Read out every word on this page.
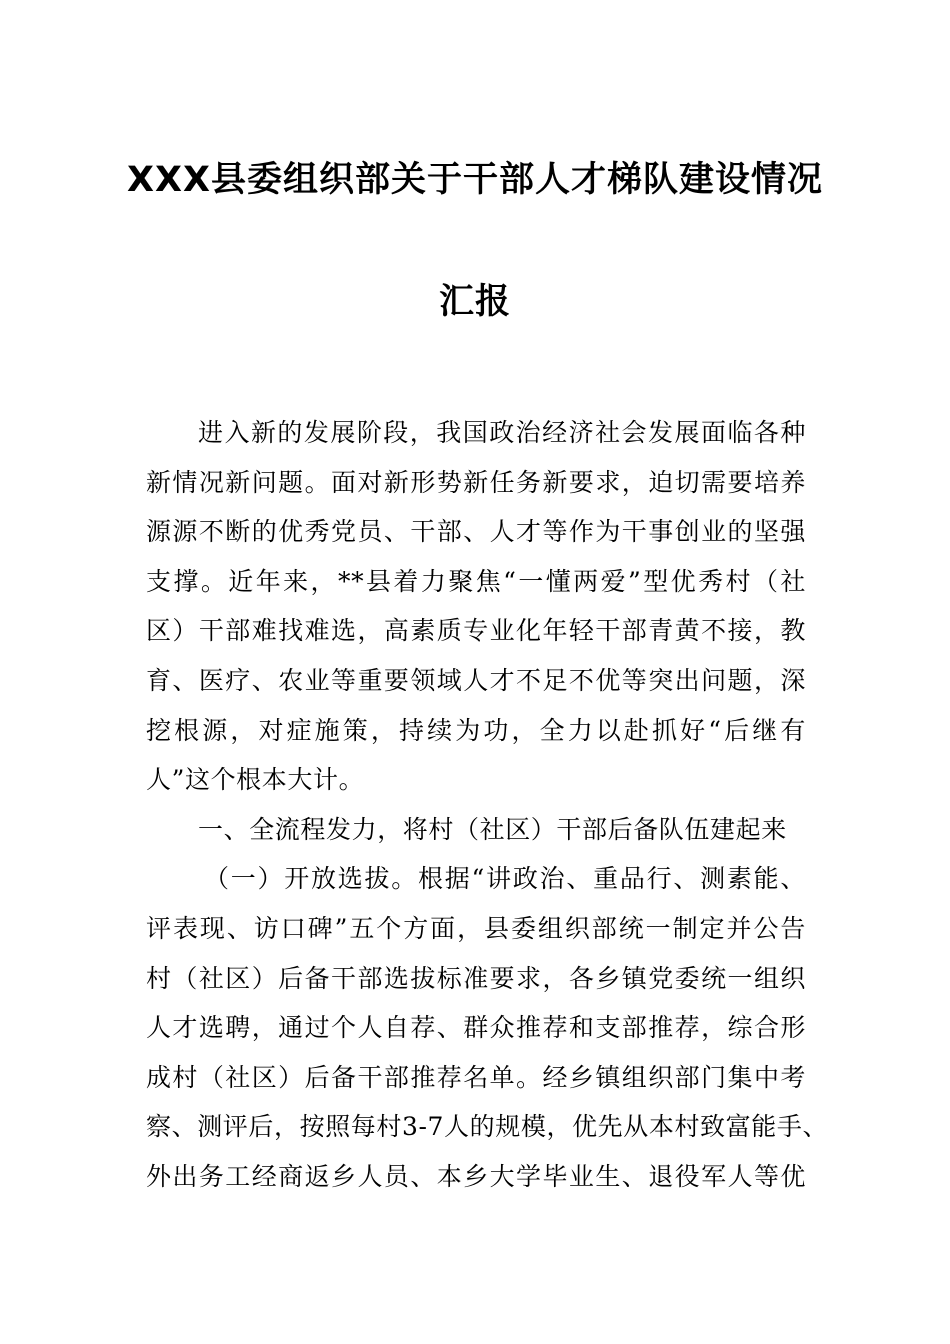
XXX县委组织部关于干部人才梯队建设情况
汇报
进入新的发展阶段，我国政治经济社会发展面临各种
新情况新问题。面对新形势新任务新要求，迫切需要培养
源源不断的优秀党员、干部、人才等作为干事创业的坚强
支撑。近年来，**县着力聚焦“一懂两爱”型优秀村（社
区）干部难找难选，高素质专业化年轻干部青黄不接，教
育、医疗、农业等重要领域人才不足不优等突出问题，深
挖根源，对症施策，持续为功，全力以赴抓好“后继有
人”这个根本大计。
一、全流程发力，将村（社区）干部后备队伍建起来
（一）开放选拔。根据“讲政治、重品行、测素能、
评表现、访口碑”五个方面，县委组织部统一制定并公告
村（社区）后备干部选拔标准要求，各乡镇党委统一组织
人才选聘，通过个人自荐、群众推荐和支部推荐，综合形
成村（社区）后备干部推荐名单。经乡镇组织部门集中考
察、测评后，按照每村3-7人的规模，优先从本村致富能手、
外出务工经商返乡人员、本乡大学毕业生、退役军人等优
